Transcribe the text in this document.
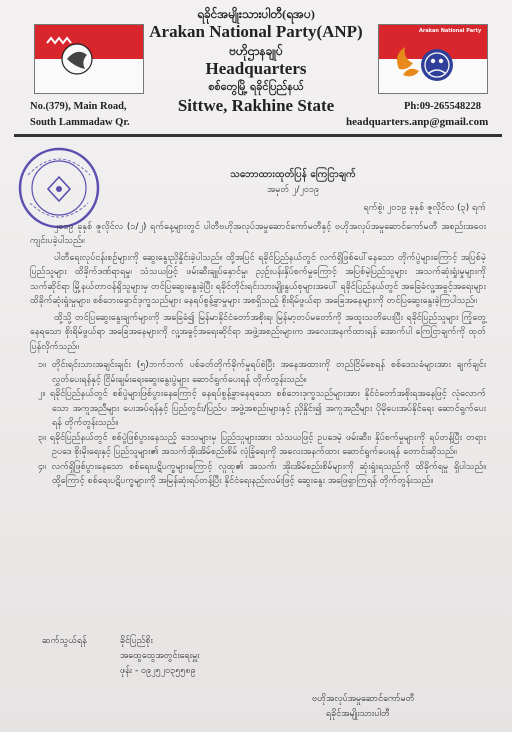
Arakan National Party
ရခိုင်အမျိုးသားပါတီ(ရအပ)
Arakan National Party(ANP)
ဗဟိုဌာနချုပ်
Headquarters
စစ်တွေမြို့ ရခိုင်ပြည်နယ်
Sittwe, Rakhine State
No.(379), Main Road,
South Lammadaw Qr.
Ph:09-265548228
headquarters.anp@gmail.com
သဘောထားထုတ်ပြန် ကြေငြာချက်
အမှတ် ၂/၂၀၁၉
ရက်စွဲ၊ ၂၀၁၉ ခုနှစ် ဇူလိုင်လ (၃) ရက်

၂၀၁၉ ခုနှစ် ဇူလိုင်လ (၁/၂) ရက်နေ့များတွင် ပါတီဗဟိုအလုပ်အမှုဆောင်ကော်မတီနှင့် ဗဟိုအလုပ်အမှုဆောင်ကော်မတီ အစည်းအဝေး ကျင်းပခဲ့ပါသည်။

ပါတီရေးလုပ်ငန်းစဉ်များကို ဆွေးနွေးညှိနှိုင်းခဲ့ပါသည်။ ထို့အပြင် ရခိုင်ပြည်နယ်တွင် လက်ရှိဖြစ်ပေါ်နေသော တိုက်ပွဲများကြောင့် အပြစ်မဲ့ပြည်သူများ ထိခိုက်ဒဏ်ရာရမှု၊ သံသယဖြင့် ဖမ်းဆီးချုပ်နှောင်မှု၊ ညှဉ်းပန်းနှိပ်စက်မှုကြောင့် အပြစ်မဲ့ပြည်သူများ အသက်ဆုံးရှုံးမှုများကို သက်ဆိုင်ရာ မြို့နယ်တာဝန်ရှိသူများမှ တင်ပြဆွေးနွေးခဲ့ပြီး ရခိုင်တိုင်းရင်းသားမျိုးနွယ်စုများအပေါ် ရခိုင်ပြည်နယ်တွင် အခြေခံလူ့အခွင့်အရေးများ ထိခိုက်ဆုံးရှုံးမှုများ၊ စစ်ဘေးရှောင်ဒုက္ခသည်များ နေရပ်စွန့်ခွာမှုများ အစရှိသည့် စိုးရိမ်ဖွယ်ရာ အခြေအနေများကို တင်ပြဆွေးနွေးခဲ့ကြပါသည်။

ထို့သို့ တင်ပြဆွေးနွေးချက်များကို အခြေခံ၍ မြန်မာနိုင်ငံတော်အစိုးရ၊ မြန်မာ့တပ်မတော်ကို အထူးသတိပေးပြီး ရခိုင်ပြည်သူများ ကြုံတွေ့နေရသော စိုးရိမ်ဖွယ်ရာ အခြေအနေများကို လူ့အခွင့်အရေးဆိုင်ရာ အဖွဲ့အစည်းများက အလေးအနက်ထားရန် အောက်ပါ ကြေငြာချက်ကို ထုတ်ပြန်လိုက်သည်။

၁။ တိုင်းရင်းသားအချင်းချင်း (၅)ဘက်ဘက် ပစ်ခတ်တိုက်ခိုက်မှုရပ်စဲပြီး အနေအထားကို တည်ငြိမ်စေရန် စစ်ဒေသခံများအား ချက်ချင်းလွှတ်ပေးရန်နှင့် ငြိမ်းချမ်းရေးဆွေးနွေးပွဲများ ဆောင်ရွက်ပေးရန် တိုက်တွန်းသည်။

၂။ ရခိုင်ပြည်နယ်တွင် စစ်ပွဲများဖြစ်ပွားနေကြောင့် နေရပ်စွန့်ခွာနေရသော စစ်ဘေးဒုက္ခသည်များအား နိုင်ငံတော်အစိုးရအနေဖြင့် လုံလောက်သော အကူအညီများ ပေးအပ်ရန်နှင့် ပြည်တွင်း/ပြည်ပ အဖွဲ့အစည်းများနှင့် ညှိနှိုင်း၍ အကူအညီများ ပိုမိုပေးအပ်နိုင်ရေး ဆောင်ရွက်ပေးရန် တိုက်တွန်းသည်။

၃။ ရခိုင်ပြည်နယ်တွင် စစ်ပွဲဖြစ်ပွားနေသည့် ဒေသများမှ ပြည်သူများအား သံသယဖြင့် ဥပဒေမဲ့ ဖမ်းဆီး၊ နှိပ်စက်မှုများကို ရပ်တန့်ပြီး တရားဥပဒေ စိုးမိုးရေးနှင့် ပြည်သူများ၏ အသက်အိုးအိမ်စည်းစိမ် လုံခြုံရေးကို အလေးအနက်ထား ဆောင်ရွက်ပေးရန် တောင်းဆိုသည်။

၄။ လက်ရှိဖြစ်ပွားနေသော စစ်ရေးပဋိပက္ခများကြောင့် လူထု၏ အသက်၊ အိုးအိမ်စည်းစိမ်များကို ဆုံးရှုံးရသည်ကို ထိခိုက်ရမှု ရှိပါသည်။ ထို့ကြောင့် စစ်ရေးပဋိပက္ခများကို အမြန်ဆုံးရပ်တန့်ပြီး နိုင်ငံရေးနည်းလမ်းဖြင့် ဆွေးနွေး အဖြေရှာကြရန် တိုက်တွန်းသည်။

ဆက်သွယ်ရန်	ခိုင်ပြည်စိုး
အထွေထွေအတွင်းရေးမှူး
ဖုန်း - ၀၉၂၅၂၀၃၅၅၈၉
ဗဟိုအလုပ်အမှုဆောင်ကော်မတီ
ရခိုင်အမျိုးသားပါတီ
